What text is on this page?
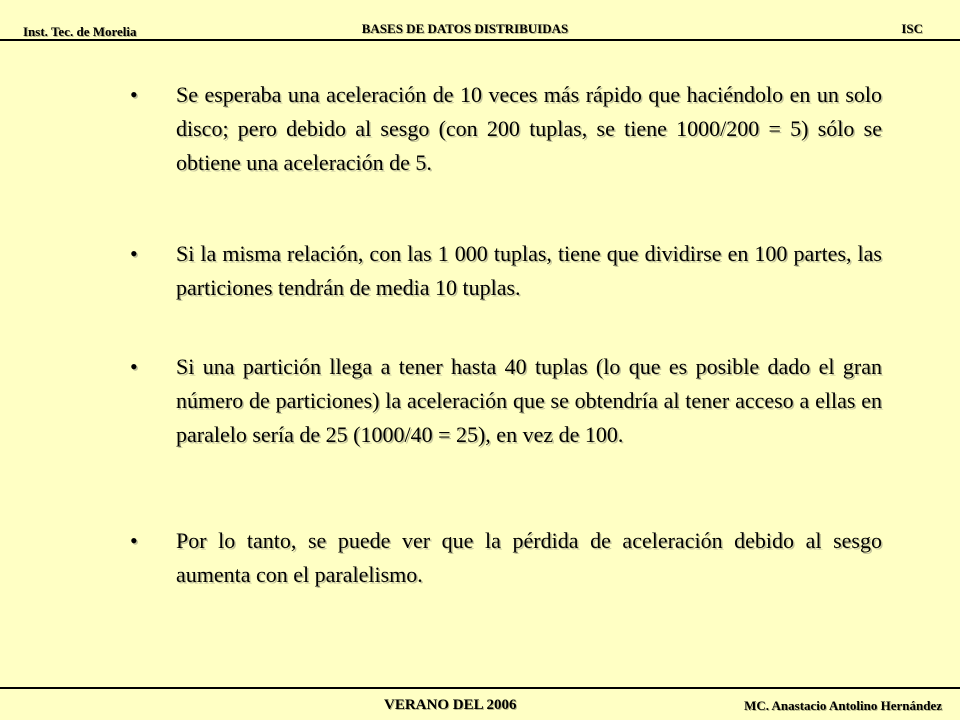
Inst. Tec. de Morelia	BASES DE DATOS DISTRIBUIDAS	ISC
•	Se esperaba una aceleración de 10 veces más rápido que haciéndolo en un solo disco; pero debido al sesgo (con 200 tuplas, se tiene 1000/200 = 5) sólo se obtiene una aceleración de 5.
•	Si la misma relación, con las 1 000 tuplas, tiene que dividirse en 100 partes, las particiones tendrán de media 10 tuplas.
•	Si una partición llega a tener hasta 40 tuplas (lo que es posible dado el gran número de particiones) la aceleración que se obtendría al tener acceso a ellas en paralelo sería de 25 (1000/40 = 25), en vez de 100.
•	Por lo tanto, se puede ver que la pérdida de aceleración debido al sesgo aumenta con el paralelismo.
VERANO DEL 2006	MC. Anastacio Antolino Hernández
